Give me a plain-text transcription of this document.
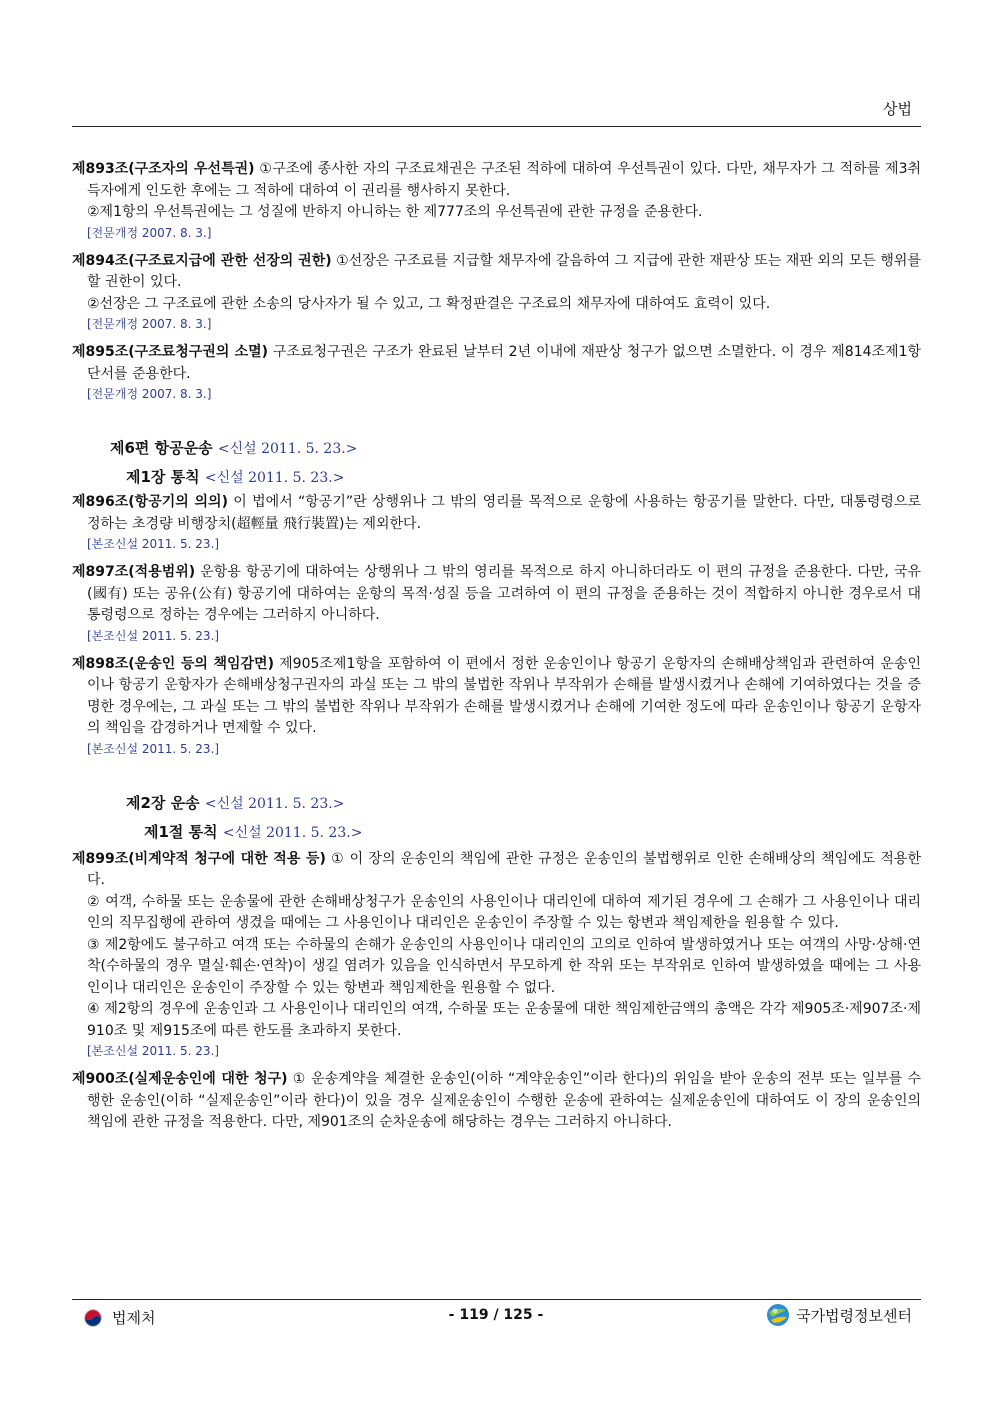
상법

제893조(구조자의 우선특권) ①구조에 종사한 자의 구조료채권은 구조된 적하에 대하여 우선특권이 있다. 다만, 채무자가 그 적하를 제3취득자에게 인도한 후에는 그 적하에 대하여 이 권리를 행사하지 못한다.

②제1항의 우선특권에는 그 성질에 반하지 아니하는 한 제777조의 우선특권에 관한 규정을 준용한다.

[전문개정 2007. 8. 3.]

제894조(구조료지급에 관한 선장의 권한) ①선장은 구조료를 지급할 채무자에 갈음하여 그 지급에 관한 재판상 또는 재판 외의 모든 행위를 할 권한이 있다.

②선장은 그 구조료에 관한 소송의 당사자가 될 수 있고, 그 확정판결은 구조료의 채무자에 대하여도 효력이 있다.

[전문개정 2007. 8. 3.]

제895조(구조료청구권의 소멸) 구조료청구권은 구조가 완료된 날부터 2년 이내에 재판상 청구가 없으면 소멸한다. 이 경우 제814조제1항 단서를 준용한다.

[전문개정 2007. 8. 3.]
제6편 항공운송 <신설 2011. 5. 23.>
제1장 통칙 <신설 2011. 5. 23.>

제896조(항공기의 의의) 이 법에서 “항공기”란 상행위나 그 밖의 영리를 목적으로 운항에 사용하는 항공기를 말한다. 다만, 대통령령으로 정하는 초경량 비행장치(超輕量 飛行裝置)는 제외한다.

[본조신설 2011. 5. 23.]

제897조(적용범위) 운항용 항공기에 대하여는 상행위나 그 밖의 영리를 목적으로 하지 아니하더라도 이 편의 규정을 준용한다. 다만, 국유(國有) 또는 공유(公有) 항공기에 대하여는 운항의 목적·성질 등을 고려하여 이 편의 규정을 준용하는 것이 적합하지 아니한 경우로서 대통령령으로 정하는 경우에는 그러하지 아니하다.

[본조신설 2011. 5. 23.]

제898조(운송인 등의 책임감면) 제905조제1항을 포함하여 이 편에서 정한 운송인이나 항공기 운항자의 손해배상책임과 관련하여 운송인이나 항공기 운항자가 손해배상청구권자의 과실 또는 그 밖의 불법한 작위나 부작위가 손해를 발생시켰거나 손해에 기여하였다는 것을 증명한 경우에는, 그 과실 또는 그 밖의 불법한 작위나 부작위가 손해를 발생시켰거나 손해에 기여한 정도에 따라 운송인이나 항공기 운항자의 책임을 감경하거나 면제할 수 있다.

[본조신설 2011. 5. 23.]
제2장 운송 <신설 2011. 5. 23.>
제1절 통칙 <신설 2011. 5. 23.>

제899조(비계약적 청구에 대한 적용 등) ① 이 장의 운송인의 책임에 관한 규정은 운송인의 불법행위로 인한 손해배상의 책임에도 적용한다.

② 여객, 수하물 또는 운송물에 관한 손해배상청구가 운송인의 사용인이나 대리인에 대하여 제기된 경우에 그 손해가 그 사용인이나 대리인의 직무집행에 관하여 생겼을 때에는 그 사용인이나 대리인은 운송인이 주장할 수 있는 항변과 책임제한을 원용할 수 있다.

③ 제2항에도 불구하고 여객 또는 수하물의 손해가 운송인의 사용인이나 대리인의 고의로 인하여 발생하였거나 또는 여객의 사망·상해·연착(수하물의 경우 멸실·훼손·연착)이 생길 염려가 있음을 인식하면서 무모하게 한 작위 또는 부작위로 인하여 발생하였을 때에는 그 사용인이나 대리인은 운송인이 주장할 수 있는 항변과 책임제한을 원용할 수 없다.

④ 제2항의 경우에 운송인과 그 사용인이나 대리인의 여객, 수하물 또는 운송물에 대한 책임제한금액의 총액은 각각 제905조·제907조·제910조 및 제915조에 따른 한도를 초과하지 못한다.

[본조신설 2011. 5. 23.]

제900조(실제운송인에 대한 청구) ① 운송계약을 체결한 운송인(이하 “계약운송인”이라 한다)의 위임을 받아 운송의 전부 또는 일부를 수행한 운송인(이하 “실제운송인”이라 한다)이 있을 경우 실제운송인이 수행한 운송에 관하여는 실제운송인에 대하여도 이 장의 운송인의 책임에 관한 규정을 적용한다. 다만, 제901조의 순차운송에 해당하는 경우는 그러하지 아니하다.

법제처	- 119 / 125 -	국가법령정보센터
